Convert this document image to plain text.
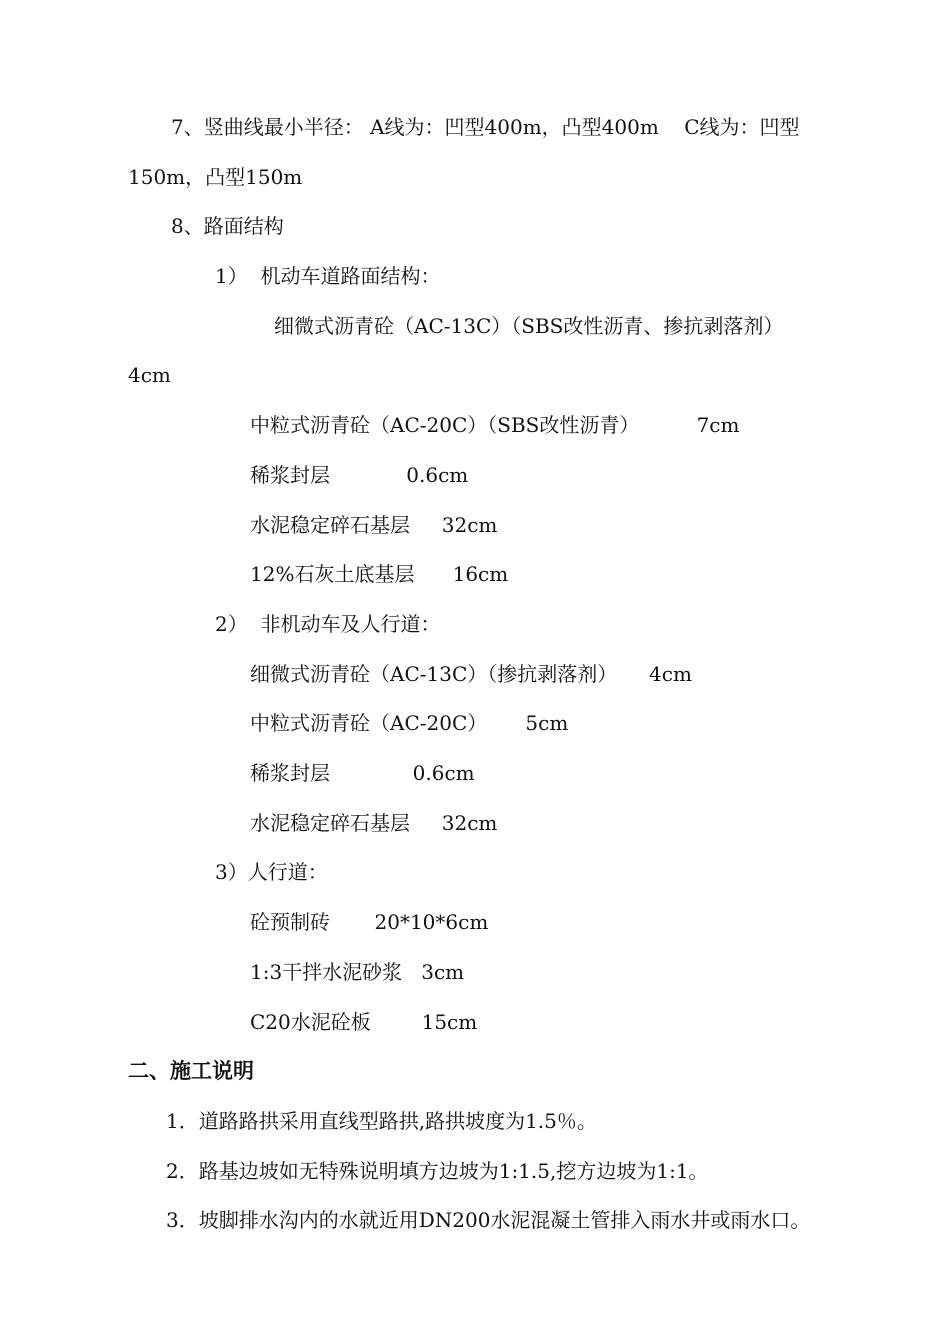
7、竖曲线最小半径： A线为：凹型400m，凸型400m    C线为：凹型
150m，凸型150m
8、路面结构
1）  机动车道路面结构：
细微式沥青砼（AC-13C）（SBS改性沥青、掺抗剥落剂）
4cm
中粒式沥青砼（AC-20C）（SBS改性沥青）         7cm
稀浆封层            0.6cm
水泥稳定碎石基层     32cm
12%石灰土底基层      16cm
2）  非机动车及人行道：
细微式沥青砼（AC-13C）（掺抗剥落剂）     4cm
中粒式沥青砼（AC-20C）      5cm
稀浆封层             0.6cm
水泥稳定碎石基层     32cm
3）人行道：
砼预制砖       20*10*6cm
1:3干拌水泥砂浆   3cm
C20水泥砼板        15cm
二、施工说明
1．道路路拱采用直线型路拱,路拱坡度为1.5％。
2．路基边坡如无特殊说明填方边坡为1:1.5,挖方边坡为1:1。
3．坡脚排水沟内的水就近用DN200水泥混凝土管排入雨水井或雨水口。
